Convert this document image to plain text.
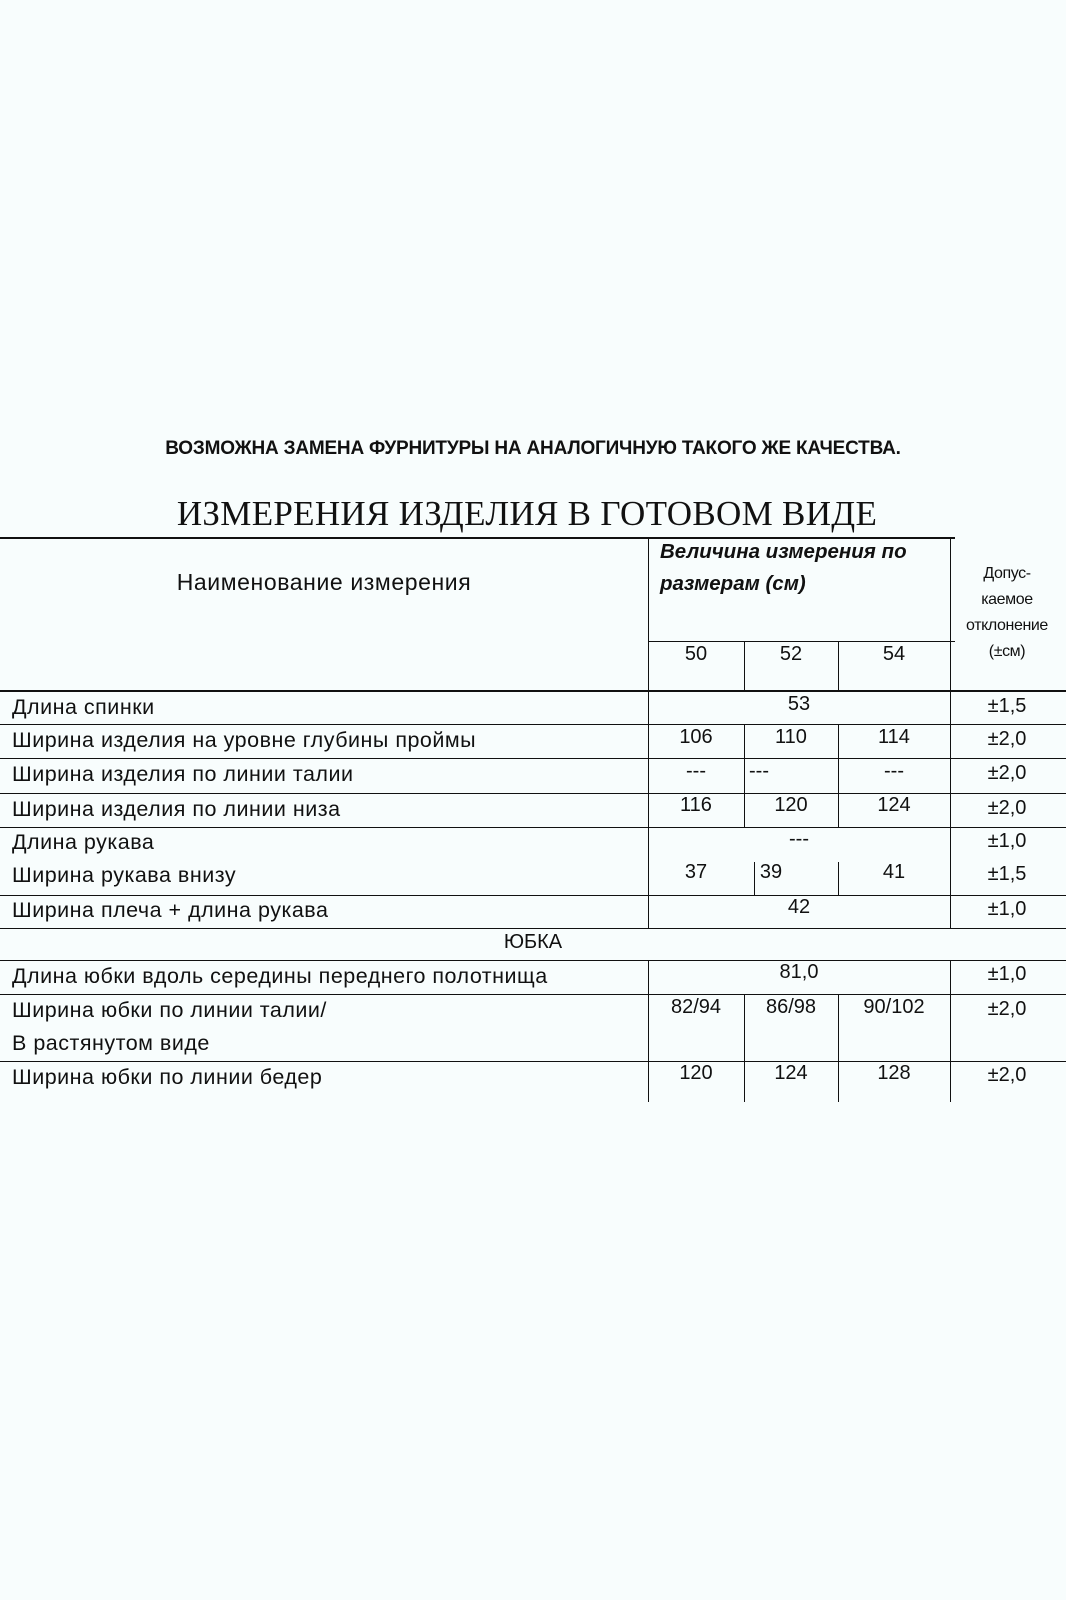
ВОЗМОЖНА ЗАМЕНА ФУРНИТУРЫ НА АНАЛОГИЧНУЮ ТАКОГО ЖЕ КАЧЕСТВА.
ИЗМЕРЕНИЯ ИЗДЕЛИЯ В ГОТОВОМ ВИДЕ
Наименование измерения
Величина измерения по
размерам (см)	Допус-
каемое
отклонение
(±см)
50	52	54
Длина спинки	53	±1,5
Ширина изделия на уровне глубины проймы	106	110	114	±2,0
Ширина изделия по линии талии	---	---	---	±2,0
Ширина изделия по линии низа	116	120	124	±2,0
Длина рукава	---	±1,0
Ширина рукава внизу	37	39	41	±1,5
Ширина плеча + длина рукава	42	±1,0
ЮБКА
Длина юбки вдоль середины переднего полотнища	81,0	±1,0
Ширина юбки по линии талии/	82/94	86/98	90/102	±2,0
В растянутом виде
Ширина юбки по линии бедер	120	124	128	±2,0
